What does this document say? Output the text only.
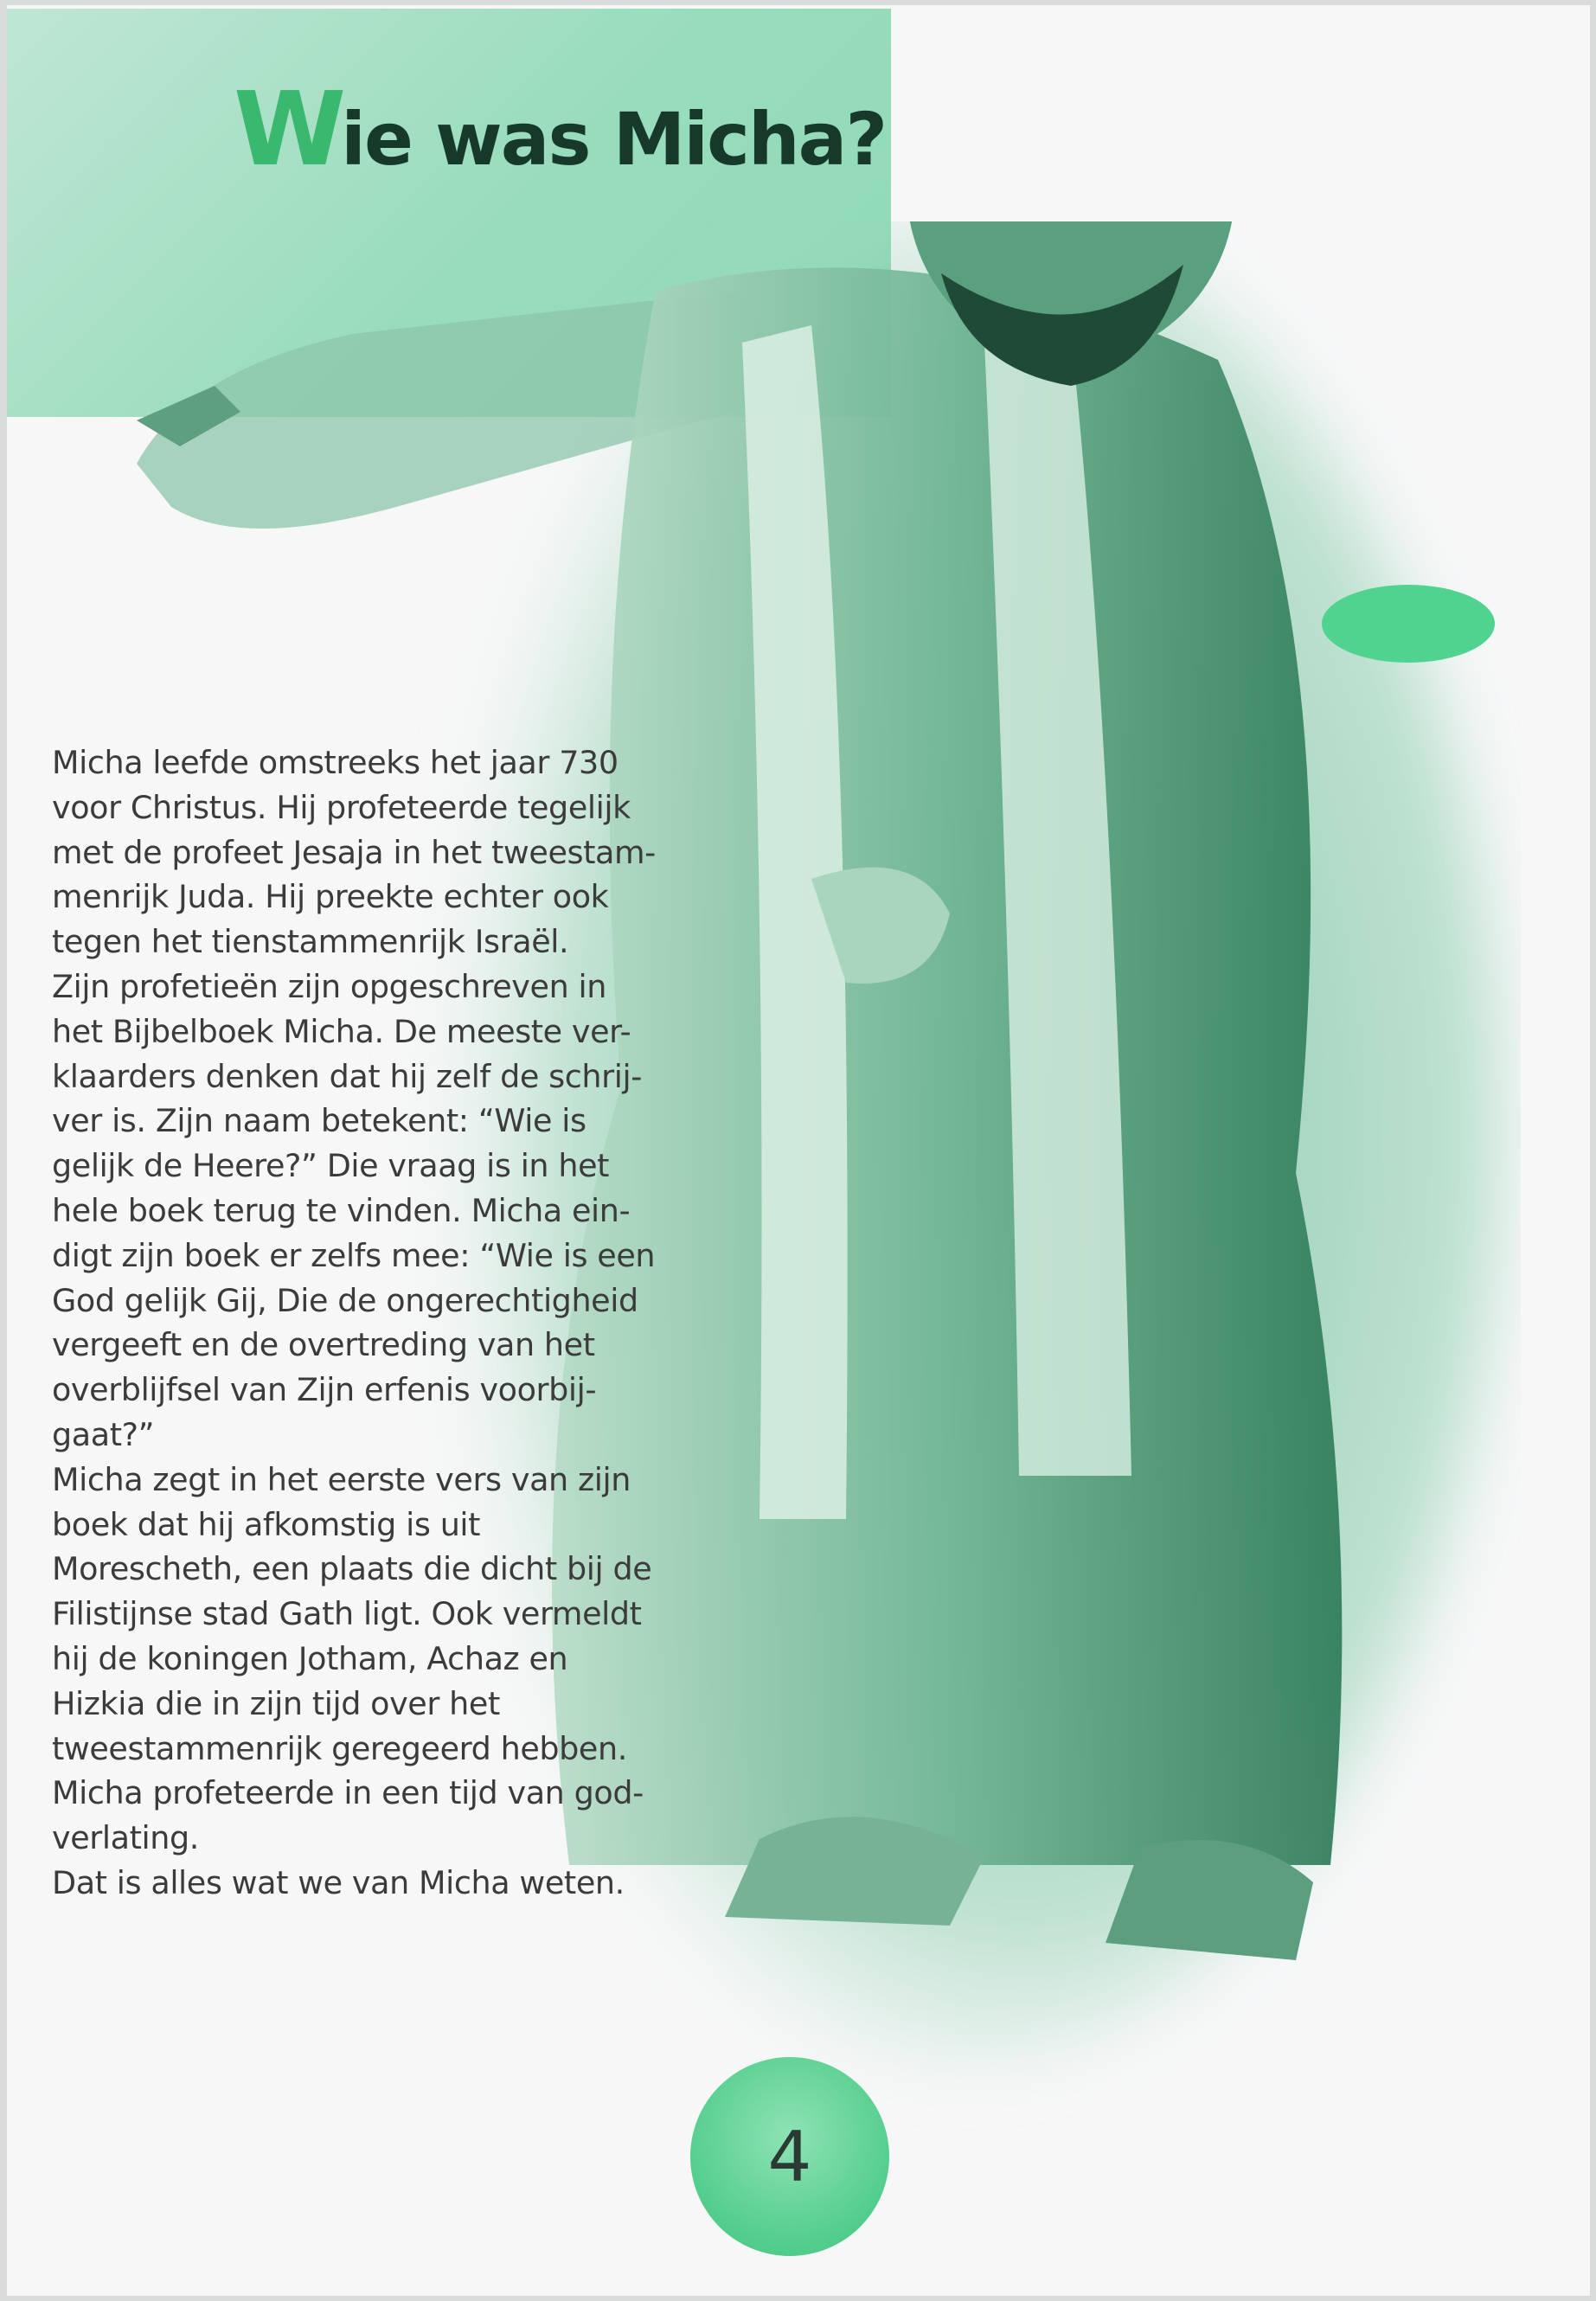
Wie was Micha?
Micha leefde omstreeks het jaar 730
voor Christus. Hij profeteerde tegelijk
met de profeet Jesaja in het tweestam-
menrijk Juda. Hij preekte echter ook
tegen het tienstammenrijk Israël.
Zijn profetieën zijn opgeschreven in
het Bijbelboek Micha. De meeste ver-
klaarders denken dat hij zelf de schrij-
ver is. Zijn naam betekent: “Wie is
gelijk de Heere?” Die vraag is in het
hele boek terug te vinden. Micha ein-
digt zijn boek er zelfs mee: “Wie is een
God gelijk Gij, Die de ongerechtigheid
vergeeft en de overtreding van het
overblijfsel van Zijn erfenis voorbij-
gaat?”
Micha zegt in het eerste vers van zijn
boek dat hij afkomstig is uit
Morescheth, een plaats die dicht bij de
Filistijnse stad Gath ligt. Ook vermeldt
hij de koningen Jotham, Achaz en
Hizkia die in zijn tijd over het
tweestammenrijk geregeerd hebben.
Micha profeteerde in een tijd van god-
verlating.
Dat is alles wat we van Micha weten.
4
